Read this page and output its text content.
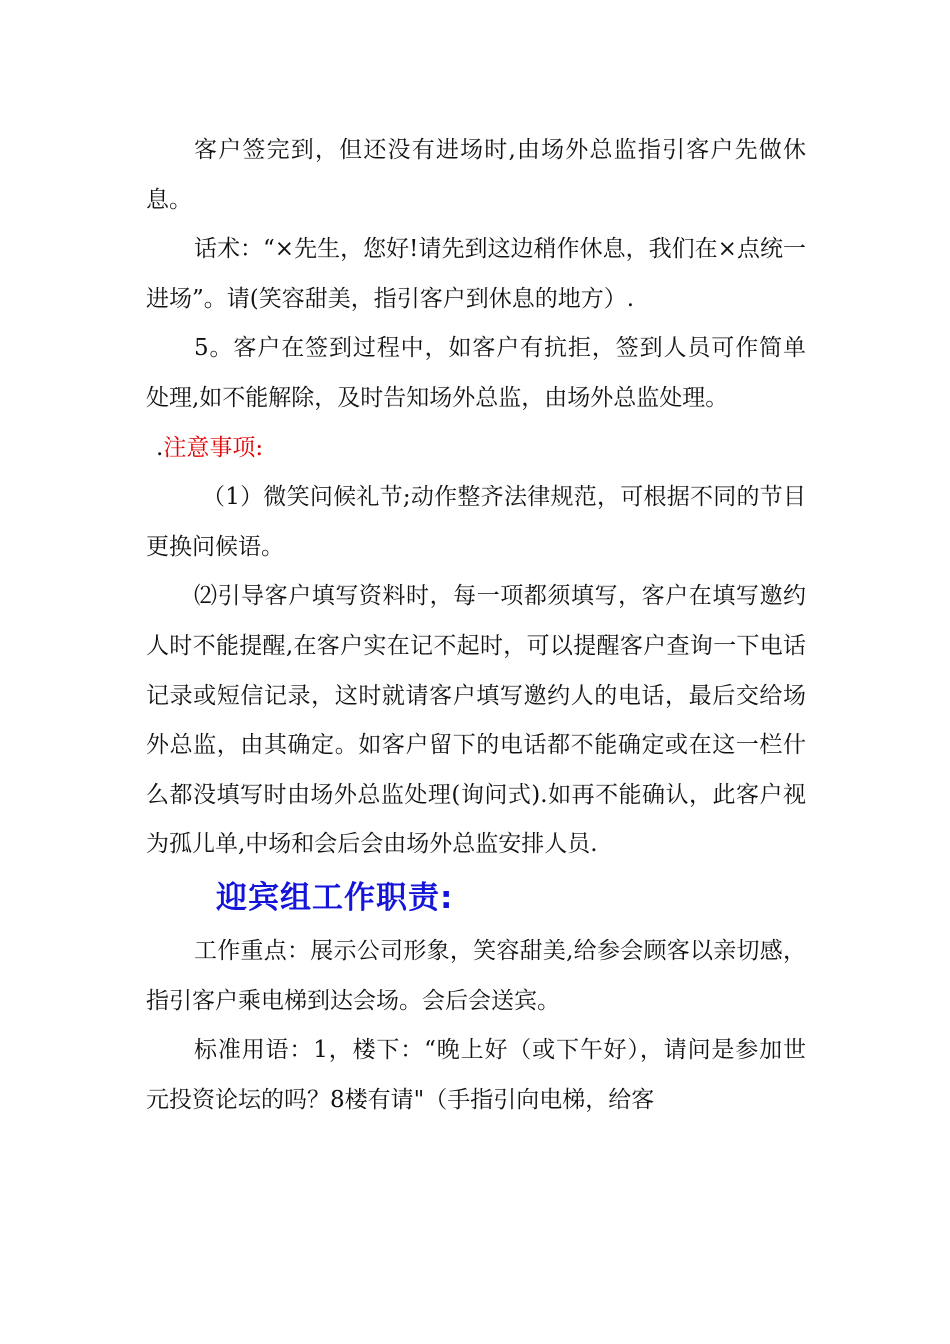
客户签完到，但还没有进场时,由场外总监指引客户先做休息。

话术：“×先生，您好!请先到这边稍作休息，我们在×点统一进场”。请(笑容甜美，指引客户到休息的地方）.

5。客户在签到过程中，如客户有抗拒，签到人员可作简单处理,如不能解除，及时告知场外总监，由场外总监处理。

.注意事项:

（1）微笑问候礼节;动作整齐法律规范，可根据不同的节目更换问候语。

⑵引导客户填写资料时，每一项都须填写，客户在填写邀约人时不能提醒,在客户实在记不起时，可以提醒客户查询一下电话记录或短信记录，这时就请客户填写邀约人的电话，最后交给场外总监，由其确定。如客户留下的电话都不能确定或在这一栏什么都没填写时由场外总监处理(询问式).如再不能确认，此客户视为孤儿单,中场和会后会由场外总监安排人员.

迎宾组工作职责:

工作重点：展示公司形象，笑容甜美,给参会顾客以亲切感，指引客户乘电梯到达会场。会后会送宾。

标准用语：1，楼下：“晚上好（或下午好），请问是参加世元投资论坛的吗？8楼有请"（手指引向电梯，给客
